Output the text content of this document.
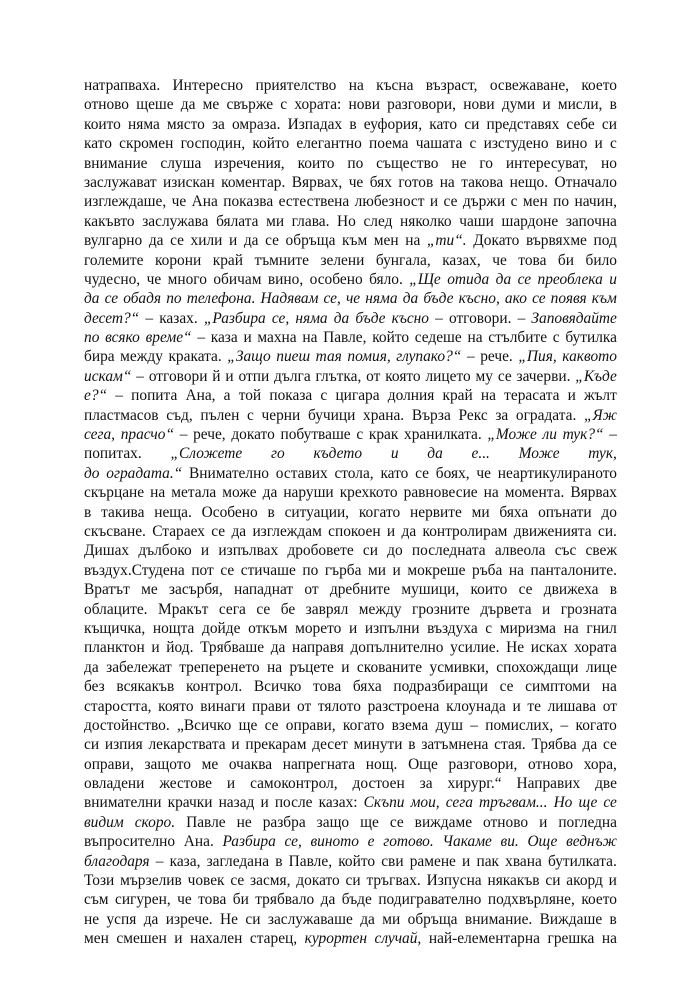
натрапваха. Интересно приятелство на късна възраст, освежаване, което
отново щеше да ме свърже с хората: нови разговори, нови думи и мисли, в
които няма място за омраза. Изпадах в еуфория, като си представях себе си
като скромен господин, който елегантно поема чашата с изстудено вино и с
внимание слуша изречения, които по същество не го интересуват, но
заслужават изискан коментар. Вярвах, че бях готов на такова нещо. Отначало
изглеждаше, че Ана показва естествена любезност и се държи с мен по начин,
какъвто заслужава бялата ми глава. Но след няколко чаши шардоне започна
вулгарно да се хили и да се обръща към мен на „ти“. Докато вървяхме под
големите корони край тъмните зелени бунгала, казах, че това би било
чудесно, че много обичам вино, особено бяло. „Ще отида да се преоблека и
да се обадя по телефона. Надявам се, че няма да бъде късно, ако се появя към
десет?“ – казах. „Разбира се, няма да бъде късно – отговори. – Заповядайте
по всяко време“ – каза и махна на Павле, който седеше на стълбите с бутилка
бира между краката. „Защо пиеш тая помия, глупако?“ – рече. „Пия, каквото
искам“ – отговори й и отпи дълга глътка, от която лицето му се зачерви. „Къде
е?“ – попита Ана, а той показа с цигара долния край на терасата и жълт
пластмасов съд, пълен с черни бучици храна. Върза Рекс за оградата. „Яж
сега, прасчо“ – рече, докато побутваше с крак хранилката. „Може ли тук?“ –
попитах. „Сложете го където и да е... Може тук,
до оградата.“ Внимателно оставих стола, като се боях, че неартикулираното
скърцане на метала може да наруши крехкото равновесие на момента. Вярвах
в такива неща. Особено в ситуации, когато нервите ми бяха опънати до
скъсване. Стараех се да изглеждам спокоен и да контролирам движенията си.
Дишах дълбоко и изпълвах дробовете си до последната алвеола със свеж
въздух.Студена пот се стичаше по гърба ми и мокреше ръба на панталоните.
Вратът ме засърбя, нападнат от дребните мушици, които се движеха в
облаците. Мракът сега се бе заврял между грозните дървета и грозната
къщичка, нощта дойде откъм морето и изпълни въздуха с миризма на гнил
планктон и йод. Трябваше да направя допълнително усилие. Не исках хората
да забележат треперенето на ръцете и скованите усмивки, спохождащи лице
без всякакъв контрол. Всичко това бяха подразбиращи се симптоми на
старостта, която винаги прави от тялото разстроена клоунада и те лишава от
достойнство. „Всичко ще се оправи, когато взема душ – помислих, – когато
си изпия лекарствата и прекарам десет минути в затъмнена стая. Трябва да се
оправи, защото ме очаква напрегната нощ. Още разговори, отново хора,
овладени жестове и самоконтрол, достоен за хирург.“ Направих две
внимателни крачки назад и после казах: Скъпи мои, сега тръгвам... Но ще се
видим скоро. Павле не разбра защо ще се виждаме отново и погледна
въпросително Ана. Разбира се, виното е готово. Чакаме ви. Още веднъж
благодаря – каза, загледана в Павле, който сви рамене и пак хвана бутилката.
Този мързелив човек се засмя, докато си тръгвах. Изпусна някакъв си акорд и
съм сигурен, че това би трябвало да бъде подигравателно подхвърляне, което
не успя да изрече. Не си заслужаваше да ми обръща внимание. Виждаше в
мен смешен и нахален старец, курортен случай, най-елементарна грешка на
